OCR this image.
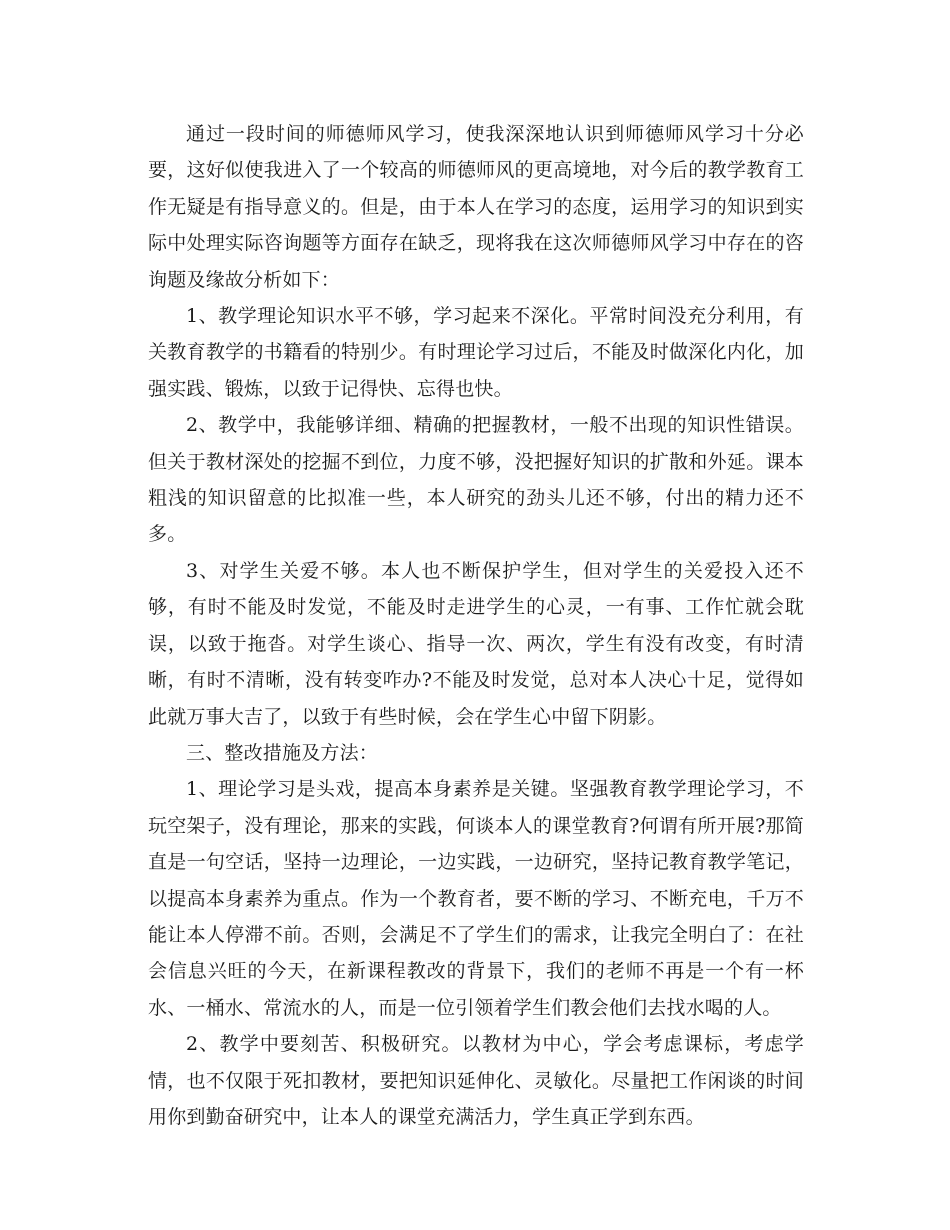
通过一段时间的师德师风学习，使我深深地认识到师德师风学习十分必要，这好似使我进入了一个较高的师德师风的更高境地，对今后的教学教育工作无疑是有指导意义的。但是，由于本人在学习的态度，运用学习的知识到实际中处理实际咨询题等方面存在缺乏，现将我在这次师德师风学习中存在的咨询题及缘故分析如下：

1、教学理论知识水平不够，学习起来不深化。平常时间没充分利用，有关教育教学的书籍看的特别少。有时理论学习过后，不能及时做深化内化，加强实践、锻炼，以致于记得快、忘得也快。

2、教学中，我能够详细、精确的把握教材，一般不出现的知识性错误。但关于教材深处的挖掘不到位，力度不够，没把握好知识的扩散和外延。课本粗浅的知识留意的比拟准一些，本人研究的劲头儿还不够，付出的精力还不多。

3、对学生关爱不够。本人也不断保护学生，但对学生的关爱投入还不够，有时不能及时发觉，不能及时走进学生的心灵，一有事、工作忙就会耽误，以致于拖沓。对学生谈心、指导一次、两次，学生有没有改变，有时清晰，有时不清晰，没有转变咋办?不能及时发觉，总对本人决心十足，觉得如此就万事大吉了，以致于有些时候，会在学生心中留下阴影。

三、整改措施及方法：

1、理论学习是头戏，提高本身素养是关键。坚强教育教学理论学习，不玩空架子，没有理论，那来的实践，何谈本人的课堂教育?何谓有所开展?那简直是一句空话，坚持一边理论，一边实践，一边研究，坚持记教育教学笔记，以提高本身素养为重点。作为一个教育者，要不断的学习、不断充电，千万不能让本人停滞不前。否则，会满足不了学生们的需求，让我完全明白了：在社会信息兴旺的今天，在新课程教改的背景下，我们的老师不再是一个有一杯水、一桶水、常流水的人，而是一位引领着学生们教会他们去找水喝的人。

2、教学中要刻苦、积极研究。以教材为中心，学会考虑课标，考虑学情，也不仅限于死扣教材，要把知识延伸化、灵敏化。尽量把工作闲谈的时间用你到勤奋研究中，让本人的课堂充满活力，学生真正学到东西。
